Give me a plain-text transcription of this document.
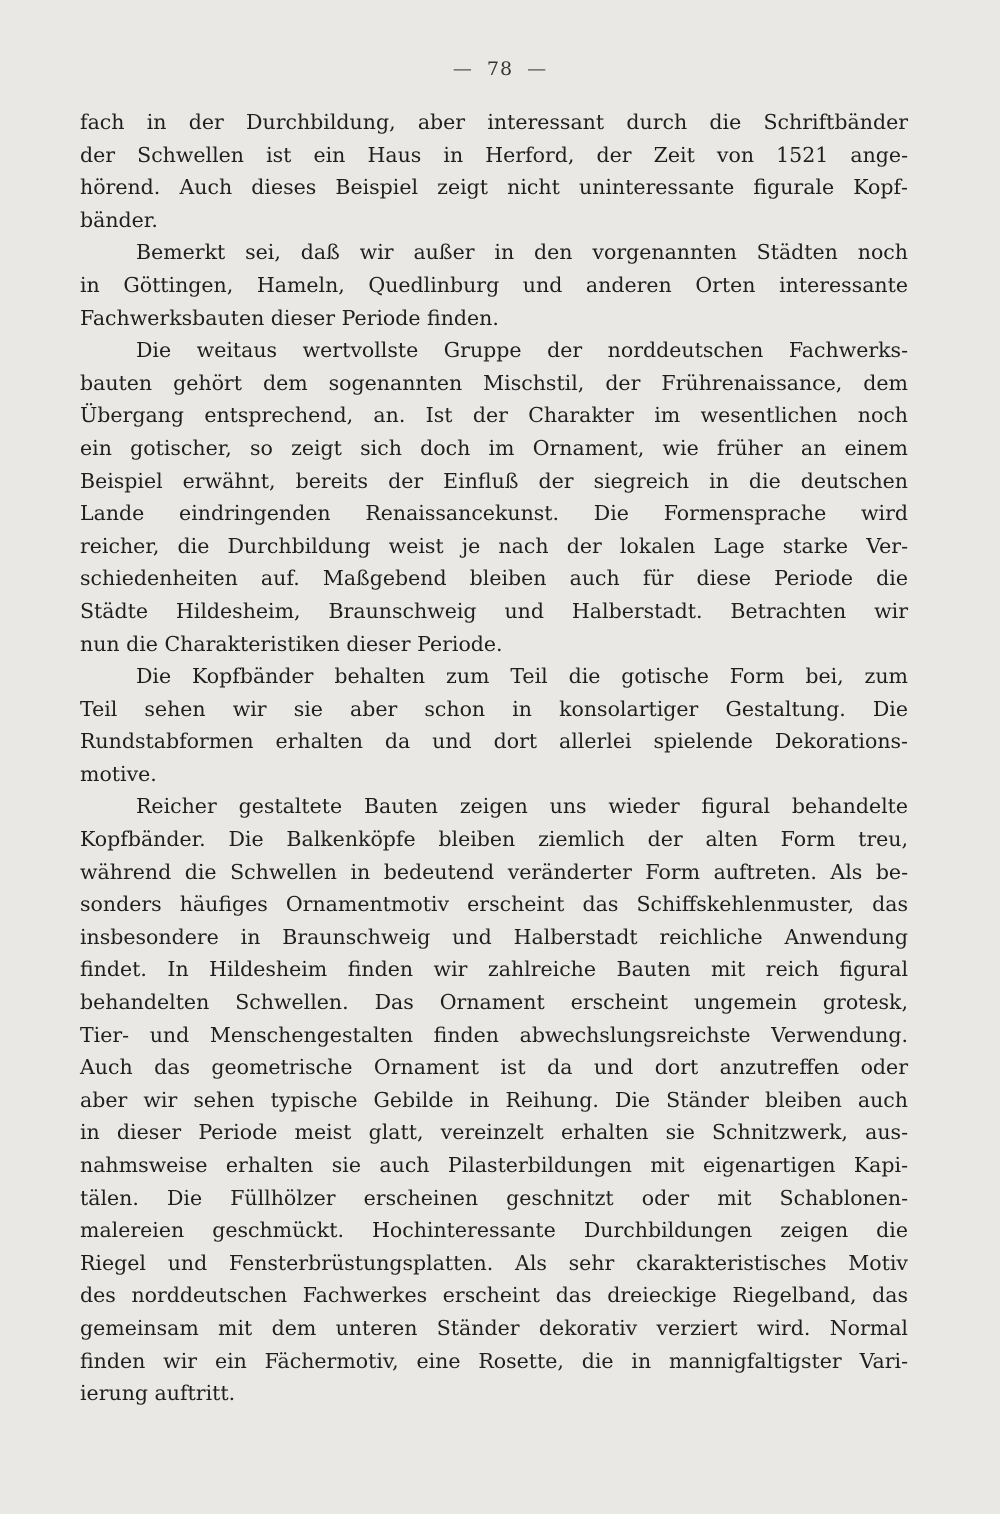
— 78 —
fach in der Durchbildung, aber interessant durch die Schriftbänder
der Schwellen ist ein Haus in Herford, der Zeit von 1521 ange‐
hörend. Auch dieses Beispiel zeigt nicht uninteressante figurale Kopf‐
bänder.
Bemerkt sei, daß wir außer in den vorgenannten Städten noch
in Göttingen, Hameln, Quedlinburg und anderen Orten interessante
Fachwerksbauten dieser Periode finden.
Die weitaus wertvollste Gruppe der norddeutschen Fachwerks‐
bauten gehört dem sogenannten Mischstil, der Frührenaissance, dem
Übergang entsprechend, an. Ist der Charakter im wesentlichen noch
ein gotischer, so zeigt sich doch im Ornament, wie früher an einem
Beispiel erwähnt, bereits der Einfluß der siegreich in die deutschen
Lande eindringenden Renaissancekunst. Die Formensprache wird
reicher, die Durchbildung weist je nach der lokalen Lage starke Ver‐
schiedenheiten auf. Maßgebend bleiben auch für diese Periode die
Städte Hildesheim, Braunschweig und Halberstadt. Betrachten wir
nun die Charakteristiken dieser Periode.
Die Kopfbänder behalten zum Teil die gotische Form bei, zum
Teil sehen wir sie aber schon in konsolartiger Gestaltung. Die
Rundstabformen erhalten da und dort allerlei spielende Dekorations‐
motive.
Reicher gestaltete Bauten zeigen uns wieder figural behandelte
Kopfbänder. Die Balkenköpfe bleiben ziemlich der alten Form treu,
während die Schwellen in bedeutend veränderter Form auftreten. Als be‐
sonders häufiges Ornamentmotiv erscheint das Schiffskehlenmuster, das
insbesondere in Braunschweig und Halberstadt reichliche Anwendung
findet. In Hildesheim finden wir zahlreiche Bauten mit reich figural
behandelten Schwellen. Das Ornament erscheint ungemein grotesk,
Tier‐ und Menschengestalten finden abwechslungsreichste Verwendung.
Auch das geometrische Ornament ist da und dort anzutreffen oder
aber wir sehen typische Gebilde in Reihung. Die Ständer bleiben auch
in dieser Periode meist glatt, vereinzelt erhalten sie Schnitzwerk, aus‐
nahmsweise erhalten sie auch Pilasterbildungen mit eigenartigen Kapi‐
tälen. Die Füllhölzer erscheinen geschnitzt oder mit Schablonen‐
malereien geschmückt. Hochinteressante Durchbildungen zeigen die
Riegel und Fensterbrüstungsplatten. Als sehr ckarakteristisches Motiv
des norddeutschen Fachwerkes erscheint das dreieckige Riegelband, das
gemeinsam mit dem unteren Ständer dekorativ verziert wird. Normal
finden wir ein Fächermotiv, eine Rosette, die in mannigfaltigster Vari‐
ierung auftritt.
